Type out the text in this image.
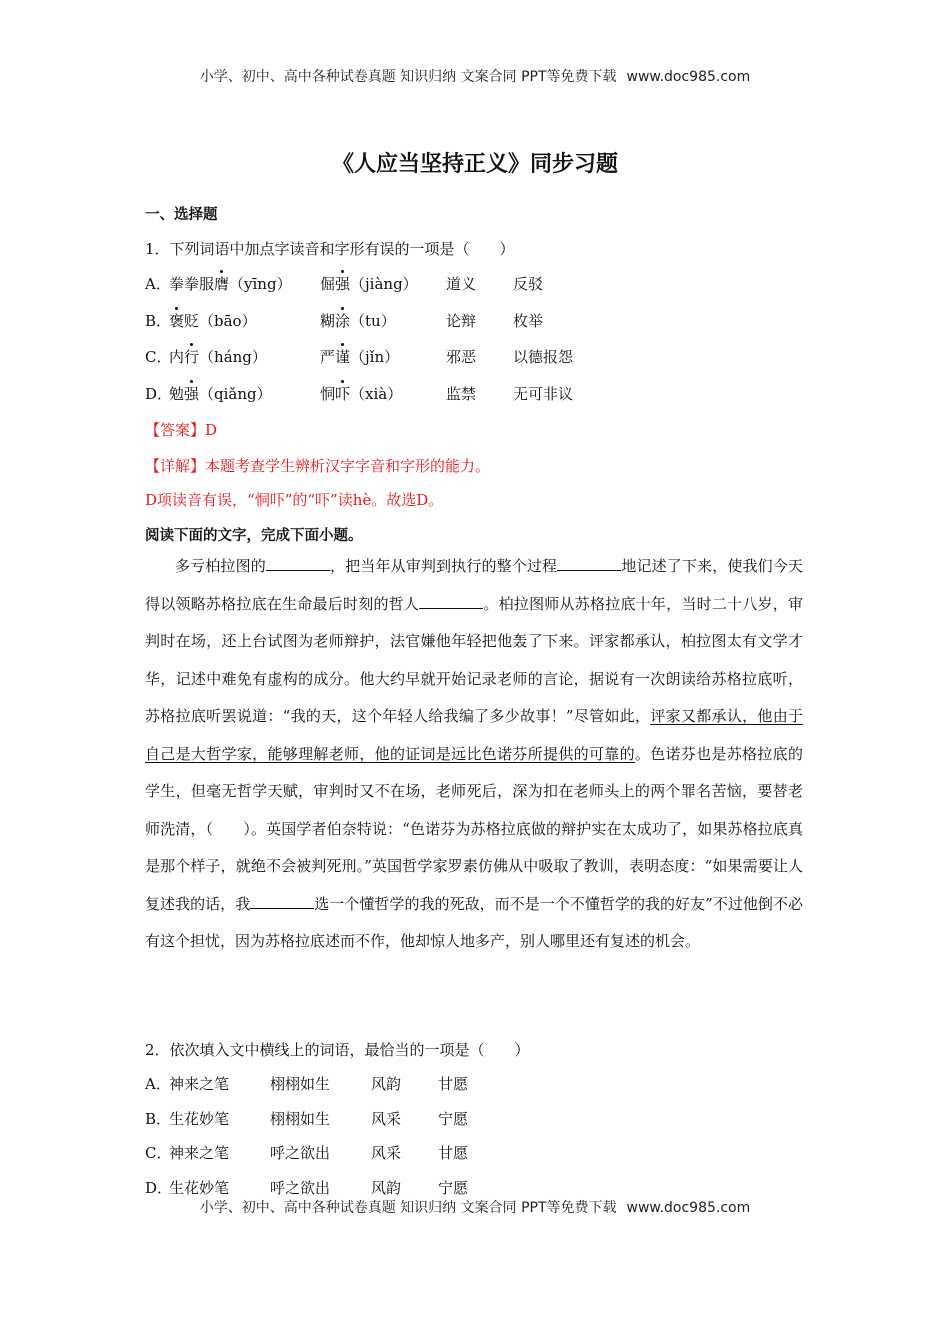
小学、初中、高中各种试卷真题 知识归纳 文案合同 PPT等免费下载 www.doc985.com
《人应当坚持正义》同步习题
一、选择题
1．下列词语中加点字读音和字形有误的一项是（　　）
A．
拳拳服膺（yīng） 倔强（jiàng） 道义 反驳
B．
褒贬（bāo）	糊涂（tu）	论辩 枚举
C．
内行（háng）	严谨（jǐn）	邪恶 以德报怨
D．
勉强（qiǎng）	恫吓（xià）	监禁 无可非议
【答案】D
【详解】本题考查学生辨析汉字字音和字形的能力。
D项读音有误，“恫吓”的“吓”读hè。故选D。
阅读下面的文字，完成下面小题。
多亏柏拉图的	，把当年从审判到执行的整个过程	地记述了下来，使我们今天得以领略苏格拉底在生命最后时刻的哲人	。柏拉图师从苏格拉底十年，当时二十八岁，审判时在场，还上台试图为老师辩护，法官嫌他年轻把他轰了下来。评家都承认，柏拉图太有文学才华，记述中难免有虚构的成分。他大约早就开始记录老师的言论，据说有一次朗读给苏格拉底听，苏格拉底听罢说道：“我的天，这个年轻人给我编了多少故事！”尽管如此，评家又都承认，他由于自己是大哲学家，能够理解老师，他的证词是远比色诺芬所提供的可靠的。色诺芬也是苏格拉底的学生，但毫无哲学天赋，审判时又不在场，老师死后，深为扣在老师头上的两个罪名苦恼，要替老师洗清，（　　）。英国学者伯奈特说：“色诺芬为苏格拉底做的辩护实在太成功了，如果苏格拉底真是那个样子，就绝不会被判死刑。”英国哲学家罗素仿佛从中吸取了教训，表明态度：“如果需要让人复述我的话，我	选一个懂哲学的我的死敌，而不是一个不懂哲学的我的好友”不过他倒不必有这个担忧，因为苏格拉底述而不作，他却惊人地多产，别人哪里还有复述的机会。
2．依次填入文中横线上的词语，最恰当的一项是（　　）
A．
神来之笔	栩栩如生	风韵 甘愿
B．
生花妙笔	栩栩如生	风采 宁愿
C．
神来之笔	呼之欲出	风采 甘愿
D．
生花妙笔	呼之欲出	风韵 宁愿
小学、初中、高中各种试卷真题 知识归纳 文案合同 PPT等免费下载 www.doc985.com
